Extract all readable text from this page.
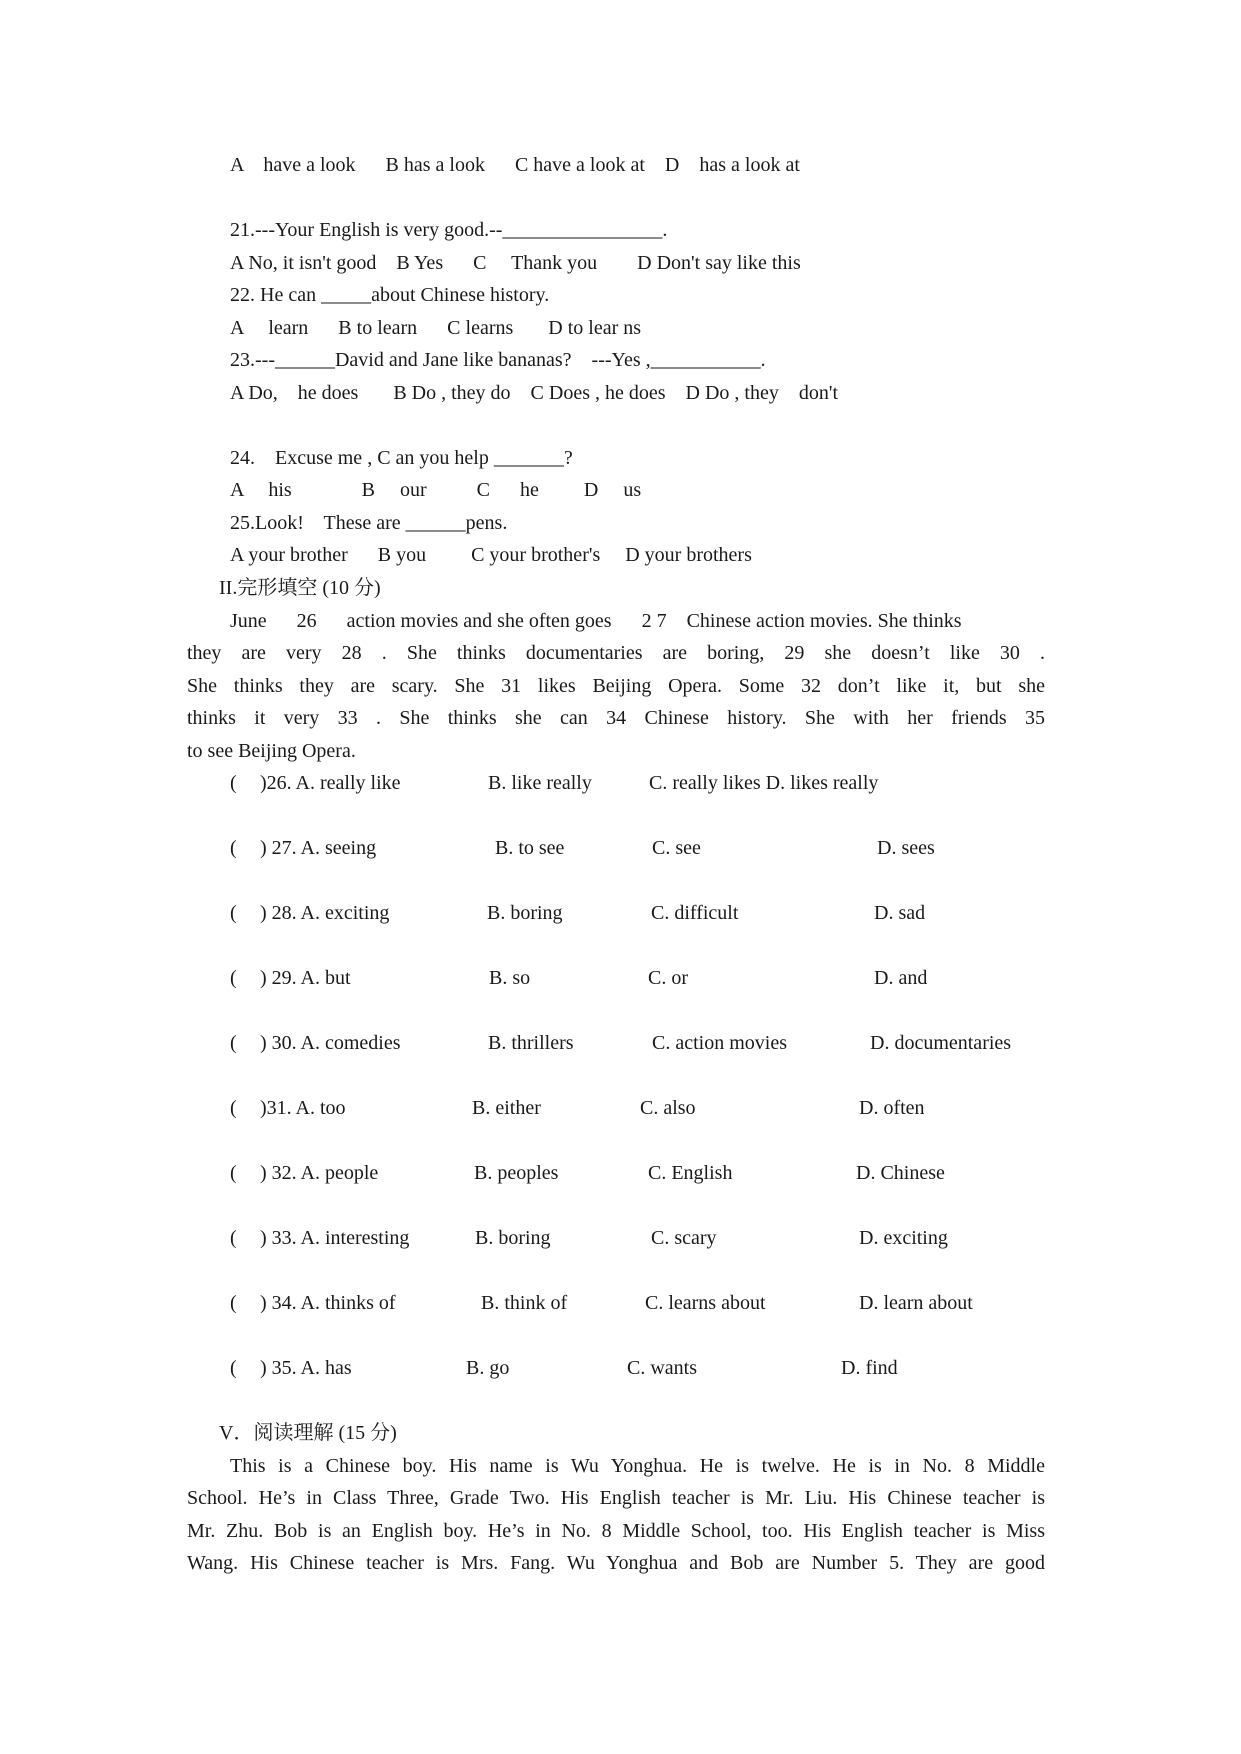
A    have a look      B has a look      C have a look at    D    has a look at
21.---Your English is very good.--________________.
A No, it isn't good    B Yes      C     Thank you        D Don't say like this
22. He can _____about Chinese history.
A     learn      B to learn      C learns       D to lear ns
23.---______David and Jane like bananas?    ---Yes ,___________.
A Do,    he does       B Do , they do    C Does , he does    D Do , they    don't
24.    Excuse me , C an you help _______?
A     his              B     our          C      he         D     us
25.Look!    These are ______pens.
A your brother      B you         C your brother's     D your brothers
II.完形填空 (10 分)
June      26      action movies and she often goes      2 7    Chinese action movies. She thinks
they are very 28 . She thinks documentaries are boring, 29 she doesn’t like 30 .
She thinks they are scary. She 31 likes Beijing Opera. Some 32 don’t like it, but she
thinks it very 33 . She thinks she can 34 Chinese history. She with her friends 35
to see Beijing Opera.
( )26. A. really like	B. like really	C. really likes D. likes really
( ) 27. A. seeing	B. to see	C. see	D. sees
( ) 28. A. exciting	B. boring	C. difficult	D. sad
( ) 29. A. but	B. so	C. or	D. and
( ) 30. A. comedies	B. thrillers	C. action movies	D. documentaries
( )31. A. too	B. either	C. also	D. often
( ) 32. A. people	B. peoples	C. English	D. Chinese
( ) 33. A. interesting	B. boring	C. scary	D. exciting
( ) 34. A. thinks of	B. think of	C. learns about	D. learn about
( ) 35. A. has	B. go	C. wants	D. find
V．阅读理解 (15 分)
This is a Chinese boy. His name is Wu Yonghua. He is twelve. He is in No. 8 Middle
School. He’s in Class Three, Grade Two. His English teacher is Mr. Liu. His Chinese teacher is
Mr. Zhu. Bob is an English boy. He’s in No. 8 Middle School, too. His English teacher is Miss
Wang. His Chinese teacher is Mrs. Fang. Wu Yonghua and Bob are Number 5. They are good
